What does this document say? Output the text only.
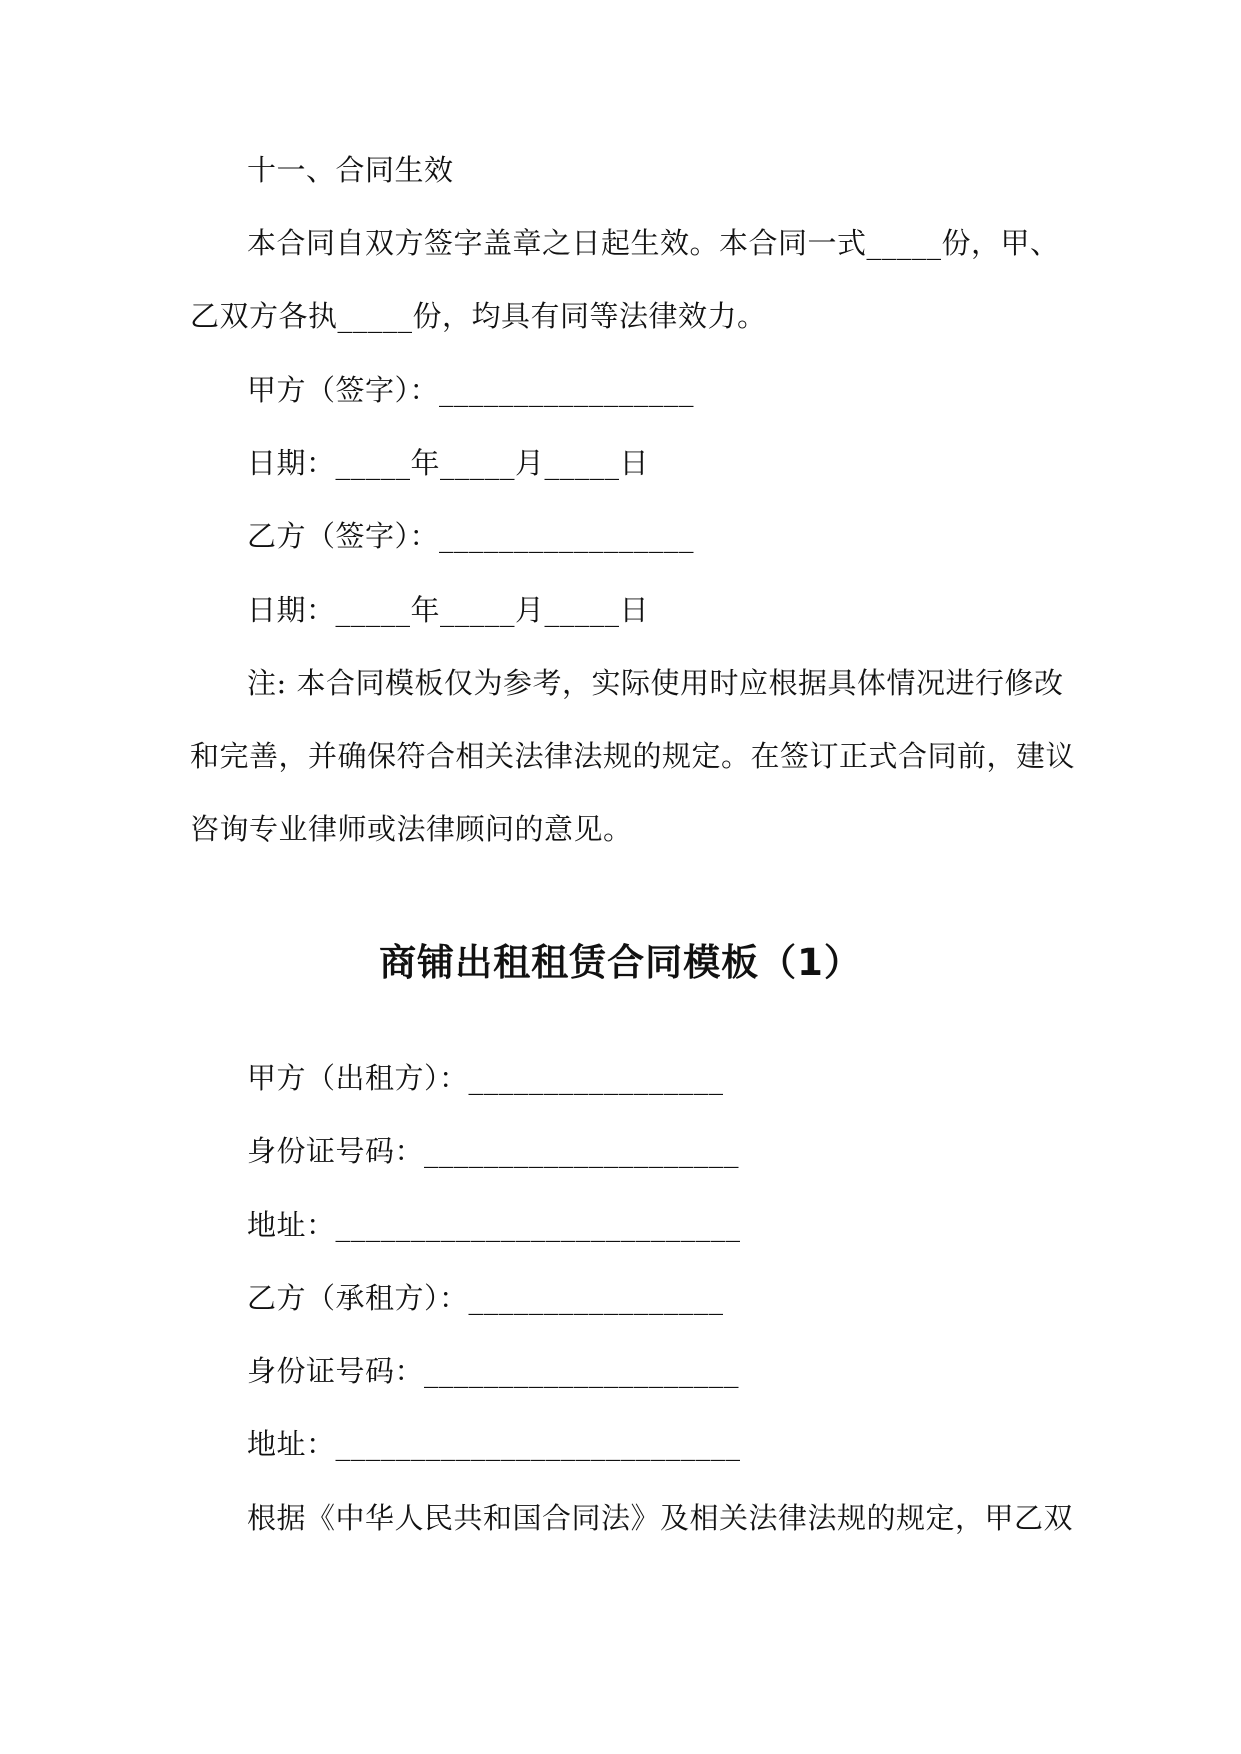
十一、合同生效
本合同自双方签字盖章之日起生效。本合同一式_____份，甲、
乙双方各执_____份，均具有同等法律效力。
甲方（签字）：_________________
日期：_____年_____月_____日
乙方（签字）：_________________
日期：_____年_____月_____日
注: 本合同模板仅为参考，实际使用时应根据具体情况进行修改
和完善，并确保符合相关法律法规的规定。在签订正式合同前，建议
咨询专业律师或法律顾问的意见。
商铺出租租赁合同模板（1）
甲方（出租方）：_________________
身份证号码：_____________________
地址：___________________________
乙方（承租方）：_________________
身份证号码：_____________________
地址：___________________________
根据《中华人民共和国合同法》及相关法律法规的规定，甲乙双
